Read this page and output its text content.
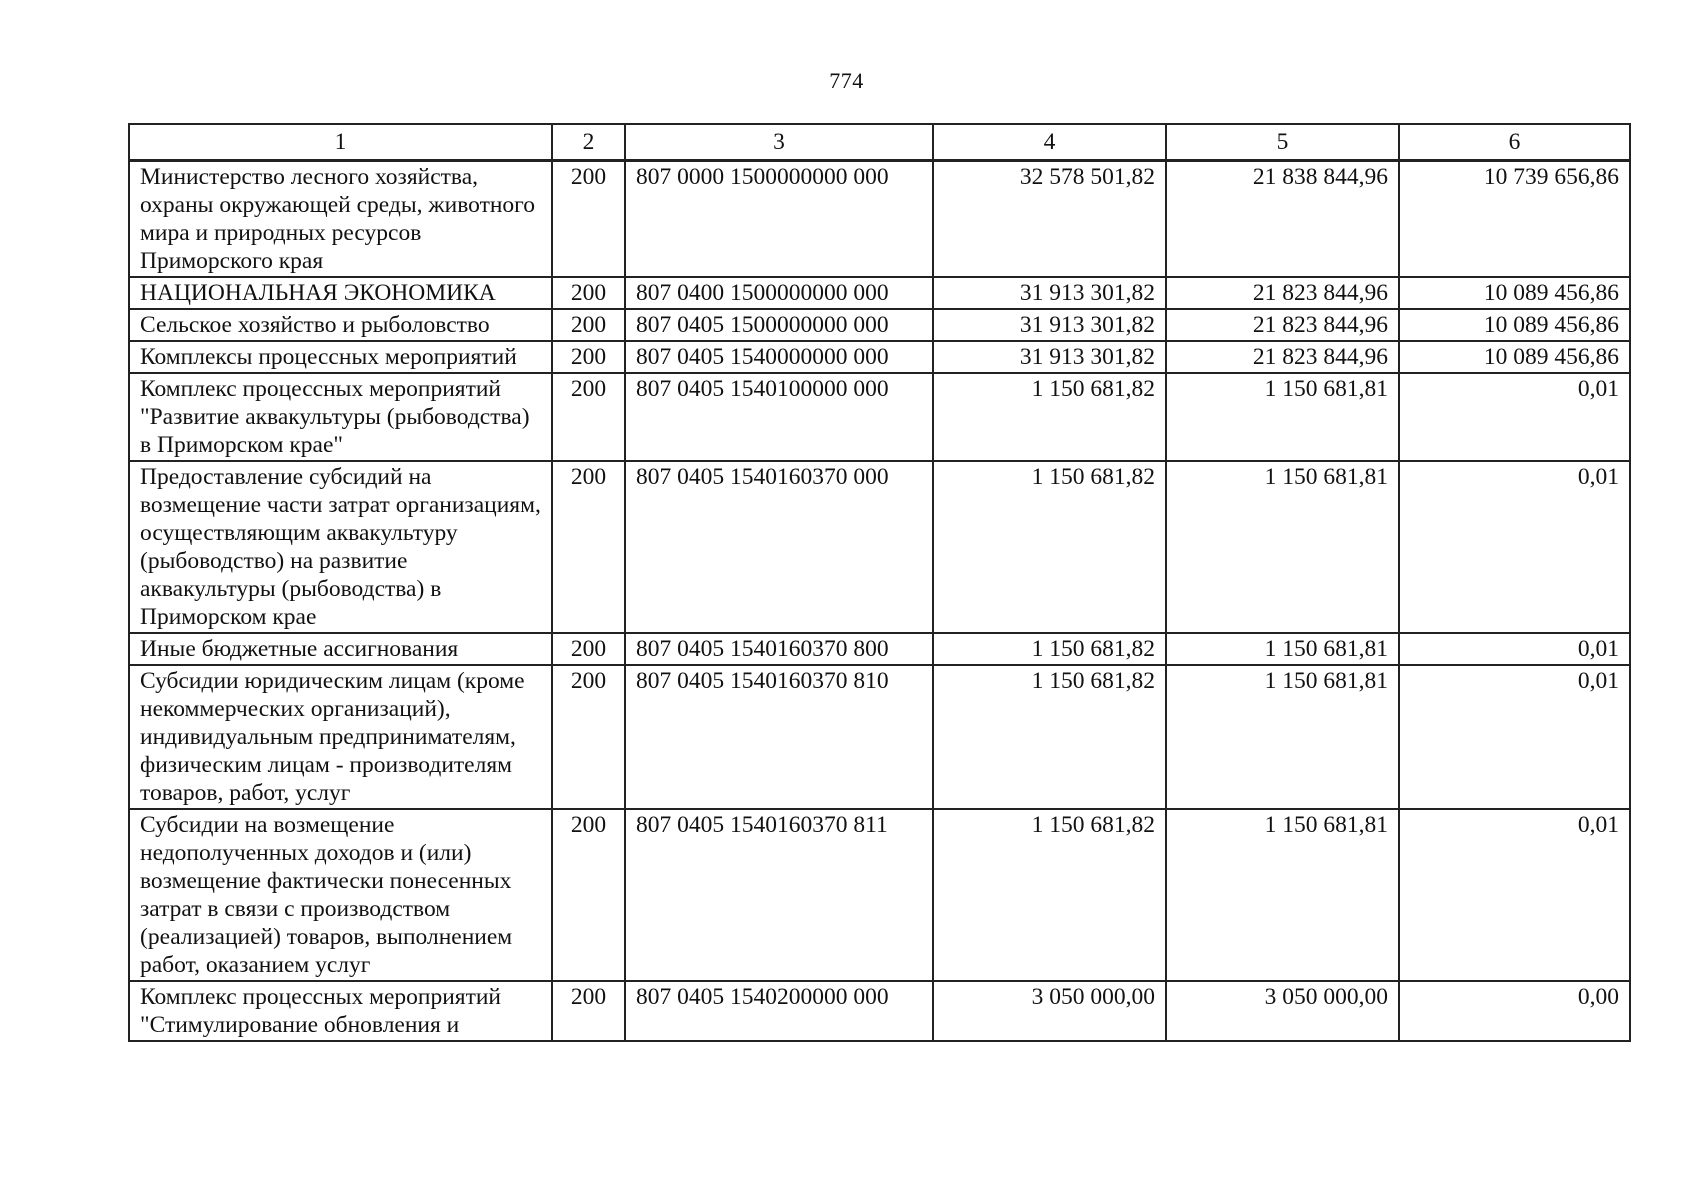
774
1	2	3	4	5	6
Министерство лесного хозяйства, охраны окружающей среды, животного мира и природных ресурсов Приморского края	200	807 0000 1500000000 000	32 578 501,82	21 838 844,96	10 739 656,86
НАЦИОНАЛЬНАЯ ЭКОНОМИКА	200	807 0400 1500000000 000	31 913 301,82	21 823 844,96	10 089 456,86
Сельское хозяйство и рыболовство	200	807 0405 1500000000 000	31 913 301,82	21 823 844,96	10 089 456,86
Комплексы процессных мероприятий	200	807 0405 1540000000 000	31 913 301,82	21 823 844,96	10 089 456,86
Комплекс процессных мероприятий "Развитие аквакультуры (рыбоводства) в Приморском крае"	200	807 0405 1540100000 000	1 150 681,82	1 150 681,81	0,01
Предоставление субсидий на возмещение части затрат организациям, осуществляющим аквакультуру (рыбоводство) на развитие аквакультуры (рыбоводства) в Приморском крае	200	807 0405 1540160370 000	1 150 681,82	1 150 681,81	0,01
Иные бюджетные ассигнования	200	807 0405 1540160370 800	1 150 681,82	1 150 681,81	0,01
Субсидии юридическим лицам (кроме некоммерческих организаций), индивидуальным предпринимателям, физическим лицам - производителям товаров, работ, услуг	200	807 0405 1540160370 810	1 150 681,82	1 150 681,81	0,01
Субсидии на возмещение недополученных доходов и (или) возмещение фактически понесенных затрат в связи с производством (реализацией) товаров, выполнением работ, оказанием услуг	200	807 0405 1540160370 811	1 150 681,82	1 150 681,81	0,01
Комплекс процессных мероприятий "Стимулирование обновления и	200	807 0405 1540200000 000	3 050 000,00	3 050 000,00	0,00
